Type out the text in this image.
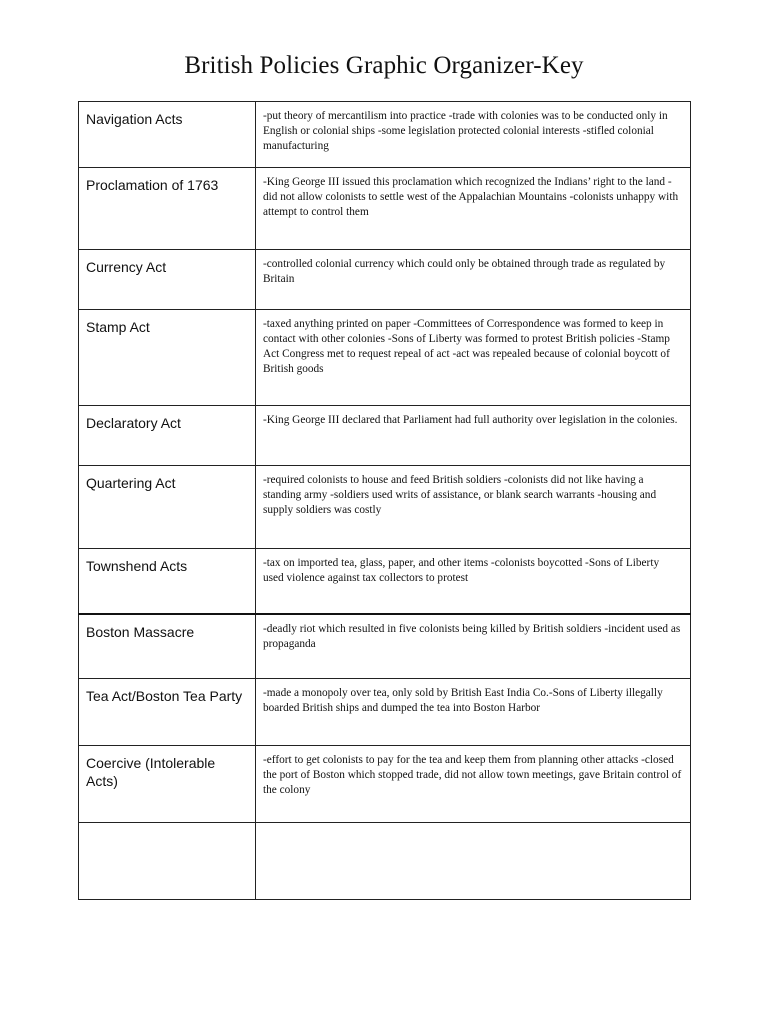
British Policies Graphic Organizer-Key
Navigation Acts	-put theory of mercantilism into practice -trade with colonies was to be conducted only in English or colonial ships -some legislation protected colonial interests -stifled colonial manufacturing
Proclamation of 1763	-King George III issued this proclamation which recognized the Indians’ right to the land -did not allow colonists to settle west of the Appalachian Mountains -colonists unhappy with attempt to control them
Currency Act	-controlled colonial currency which could only be obtained through trade as regulated by Britain
Stamp Act	-taxed anything printed on paper -Committees of Correspondence was formed to keep in contact with other colonies -Sons of Liberty was formed to protest British policies -Stamp Act Congress met to request repeal of act -act was repealed because of colonial boycott of British goods
Declaratory Act	-King George III declared that Parliament had full authority over legislation in the colonies.
Quartering Act	-required colonists to house and feed British soldiers -colonists did not like having a standing army -soldiers used writs of assistance, or blank search warrants -housing and supply soldiers was costly
Townshend Acts	-tax on imported tea, glass, paper, and other items -colonists boycotted -Sons of Liberty used violence against tax collectors to protest
Boston Massacre	-deadly riot which resulted in five colonists being killed by British soldiers -incident used as propaganda
Tea Act/Boston Tea Party	-made a monopoly over tea, only sold by British East India Co.-Sons of Liberty illegally boarded British ships and dumped the tea into Boston Harbor
Coercive (Intolerable Acts)	-effort to get colonists to pay for the tea and keep them from planning other attacks -closed the port of Boston which stopped trade, did not allow town meetings, gave Britain control of the colony
